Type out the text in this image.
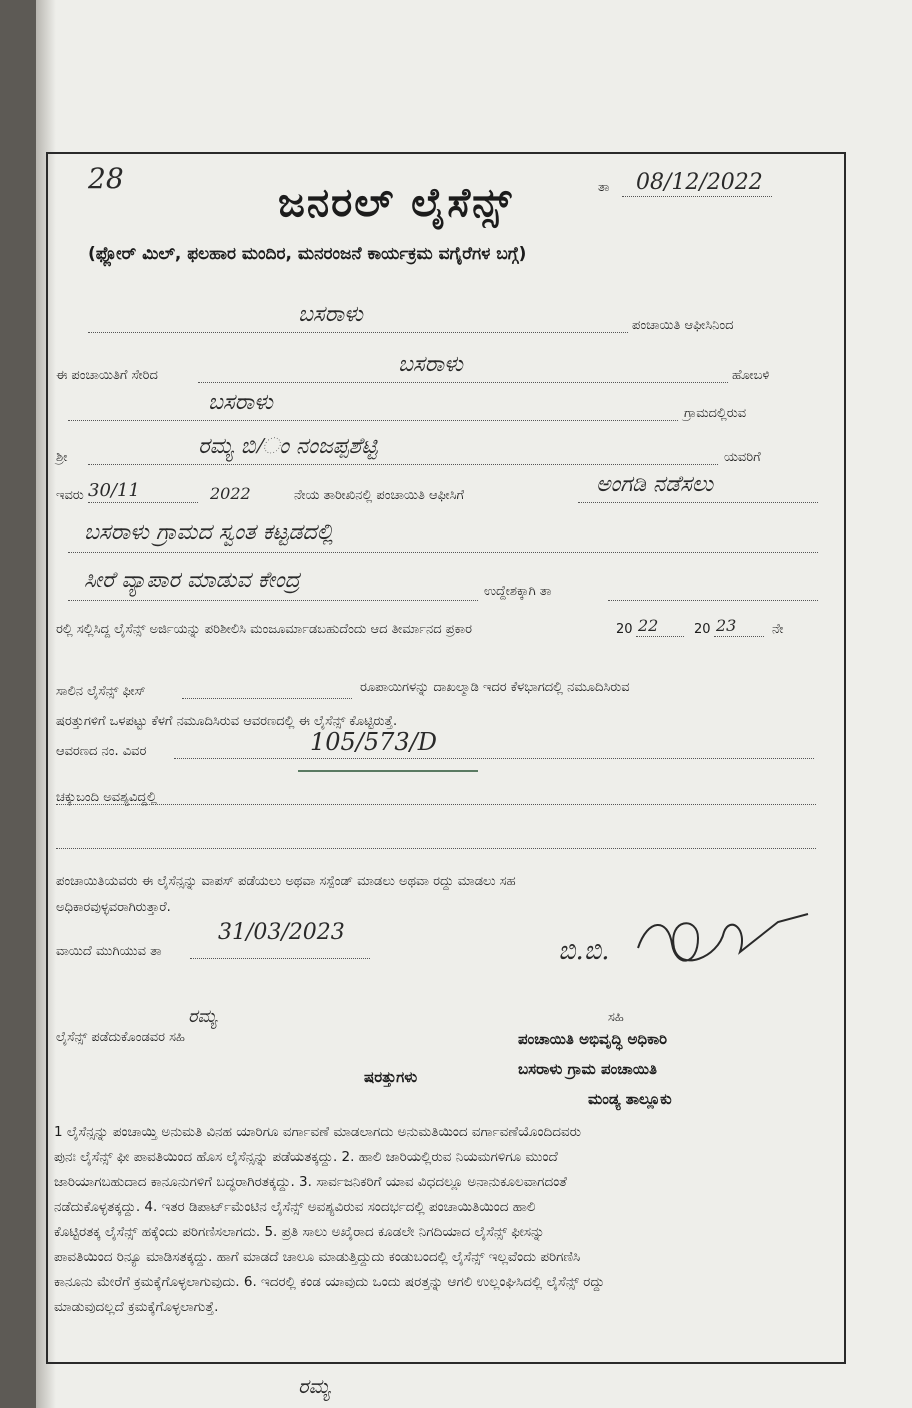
28	ತಾ 08/12/2022
ಜನರಲ್ ಲೈಸೆನ್ಸ್
(ಫ್ಲೋರ್ ಮಿಲ್, ಫಲಹಾರ ಮಂದಿರ, ಮನರಂಜನೆ ಕಾರ್ಯಕ್ರಮ ವಗೈರೆಗಳ ಬಗ್ಗೆ)
ಬಸರಾಳು	ಪಂಚಾಯಿತಿ ಆಫೀಸಿನಿಂದ
ಈ ಪಂಚಾಯಿತಿಗೆ ಸೇರಿದ	ಬಸರಾಳು	ಹೋಬಳಿ
ಬಸರಾಳು	ಗ್ರಾಮದಲ್ಲಿರುವ
ಶ್ರೀ	ರಮ್ಯ ಬಿ/ಂ ನಂಜಪ್ಪಶೆಟ್ಟಿ	ಯವರಿಗೆ
ಇವರು 30/11	2022	ನೇಯ ತಾರೀಖಿನಲ್ಲಿ ಪಂಚಾಯಿತಿ ಆಫೀಸಿಗೆ	ಅಂಗಡಿ ನಡೆಸಲು
ಬಸರಾಳು ಗ್ರಾಮದ ಸ್ವಂತ ಕಟ್ಟಡದಲ್ಲಿ
ಸೀರೆ ವ್ಯಾಪಾರ ಮಾಡುವ ಕೇಂದ್ರ	ಉದ್ದೇಶಕ್ಕಾಗಿ ತಾ
ರಲ್ಲಿ ಸಲ್ಲಿಸಿದ್ದ ಲೈಸೆನ್ಸ್ ಅರ್ಜಿಯನ್ನು ಪರಿಶೀಲಿಸಿ ಮಂಜೂರ್ಮಾಡಬಹುದೆಂದು ಆದ ತೀರ್ಮಾನದ ಪ್ರಕಾರ	20 22	20 23	ನೇ
ಸಾಲಿನ ಲೈಸೆನ್ಸ್ ಫೀಸ್	ರೂಪಾಯಿಗಳನ್ನು ದಾಖಲ್ಮಾಡಿ ಇದರ ಕೆಳಭಾಗದಲ್ಲಿ ನಮೂದಿಸಿರುವ
ಷರತ್ತುಗಳಿಗೆ ಒಳಪಟ್ಟು ಕೆಳಗೆ ನಮೂದಿಸಿರುವ ಆವರಣದಲ್ಲಿ ಈ ಲೈಸೆನ್ಸ್ ಕೊಟ್ಟಿರುತ್ತೆ.
ಆವರಣದ ನಂ. ವಿವರ	105/573/D
ಚಕ್ಕುಬಂದಿ ಅವಶ್ಯವಿದ್ದಲ್ಲಿ
ಪಂಚಾಯಿತಿಯವರು ಈ ಲೈಸೆನ್ಸನ್ನು ವಾಪಸ್ ಪಡೆಯಲು ಅಥವಾ ಸಸ್ಪೆಂಡ್ ಮಾಡಲು ಅಥವಾ ರದ್ದು ಮಾಡಲು ಸಹ
ಅಧಿಕಾರವುಳ್ಳವರಾಗಿರುತ್ತಾರೆ.
ವಾಯಿದೆ ಮುಗಿಯುವ ತಾ
31/03/2023
ಬಿ.ಬಿ.
ಸಹಿ
ಪಂಚಾಯಿತಿ ಅಭಿವೃದ್ಧಿ ಅಧಿಕಾರಿ
ಬಸರಾಳು ಗ್ರಾಮ ಪಂಚಾಯಿತಿ
ಮಂಡ್ಯ ತಾಲ್ಲೂಕು
ರಮ್ಯ
ಲೈಸೆನ್ಸ್ ಪಡೆದುಕೊಂಡವರ ಸಹಿ
ಷರತ್ತುಗಳು
1 ಲೈಸೆನ್ಸನ್ನು ಪಂಚಾಯ್ತಿ ಅನುಮತಿ ವಿನಹ ಯಾರಿಗೂ ವರ್ಗಾವಣೆ ಮಾಡಲಾಗದು ಅನುಮತಿಯಿಂದ ವರ್ಗಾವಣೆಯೊಂದಿದವರು
ಪುನಃ ಲೈಸೆನ್ಸ್ ಫೀ ಪಾವತಿಯಿಂದ ಹೊಸ ಲೈಸೆನ್ಸನ್ನು ಪಡೆಯತಕ್ಕದ್ದು. 2. ಹಾಲಿ ಜಾರಿಯಲ್ಲಿರುವ ನಿಯಮಗಳಿಗೂ ಮುಂದೆ
ಜಾರಿಯಾಗಬಹುದಾದ ಕಾನೂನುಗಳಿಗೆ ಬದ್ಧರಾಗಿರತಕ್ಕದ್ದು. 3. ಸಾರ್ವಜನಿಕರಿಗೆ ಯಾವ ವಿಧದಲ್ಲೂ ಅನಾನುಕೂಲವಾಗದಂತೆ
ನಡೆದುಕೊಳ್ಳತಕ್ಕದ್ದು. 4. ಇತರ ಡಿಪಾರ್ಟ್‌ಮೆಂಟಿನ ಲೈಸೆನ್ಸ್ ಅವಶ್ಯವಿರುವ ಸಂದರ್ಭದಲ್ಲಿ ಪಂಚಾಯಿತಿಯಿಂದ ಹಾಲಿ
ಕೊಟ್ಟಿರತಕ್ಕ ಲೈಸೆನ್ಸ್ ಹಕ್ಕೆಂದು ಪರಿಗಣಿಸಲಾಗದು. 5. ಪ್ರತಿ ಸಾಲು ಅಖೈರಾದ ಕೂಡಲೇ ನಿಗದಿಯಾದ ಲೈಸೆನ್ಸ್ ಫೀಸನ್ನು
ಪಾವತಿಯಿಂದ ರಿನ್ಯೂ ಮಾಡಿಸತಕ್ಕದ್ದು. ಹಾಗೆ ಮಾಡದೆ ಚಾಲೂ ಮಾಡುತ್ತಿದ್ದುದು ಕಂಡುಬಂದಲ್ಲಿ ಲೈಸೆನ್ಸ್ ಇಲ್ಲವೆಂದು ಪರಿಗಣಿಸಿ
ಕಾನೂನು ಮೇರೆಗೆ ಕ್ರಮಕ್ಕೆಗೊಳ್ಳಲಾಗುವುದು. 6. ಇದರಲ್ಲಿ ಕಂಡ ಯಾವುದು ಒಂದು ಷರತ್ತನ್ನು ಆಗಲಿ ಉಲ್ಲಂಘಿಸಿದಲ್ಲಿ ಲೈಸೆನ್ಸ್ ರದ್ದು
ಮಾಡುವುದಲ್ಲದೆ ಕ್ರಮಕ್ಕೆಗೊಳ್ಳಲಾಗುತ್ತೆ.
ರಮ್ಯ
